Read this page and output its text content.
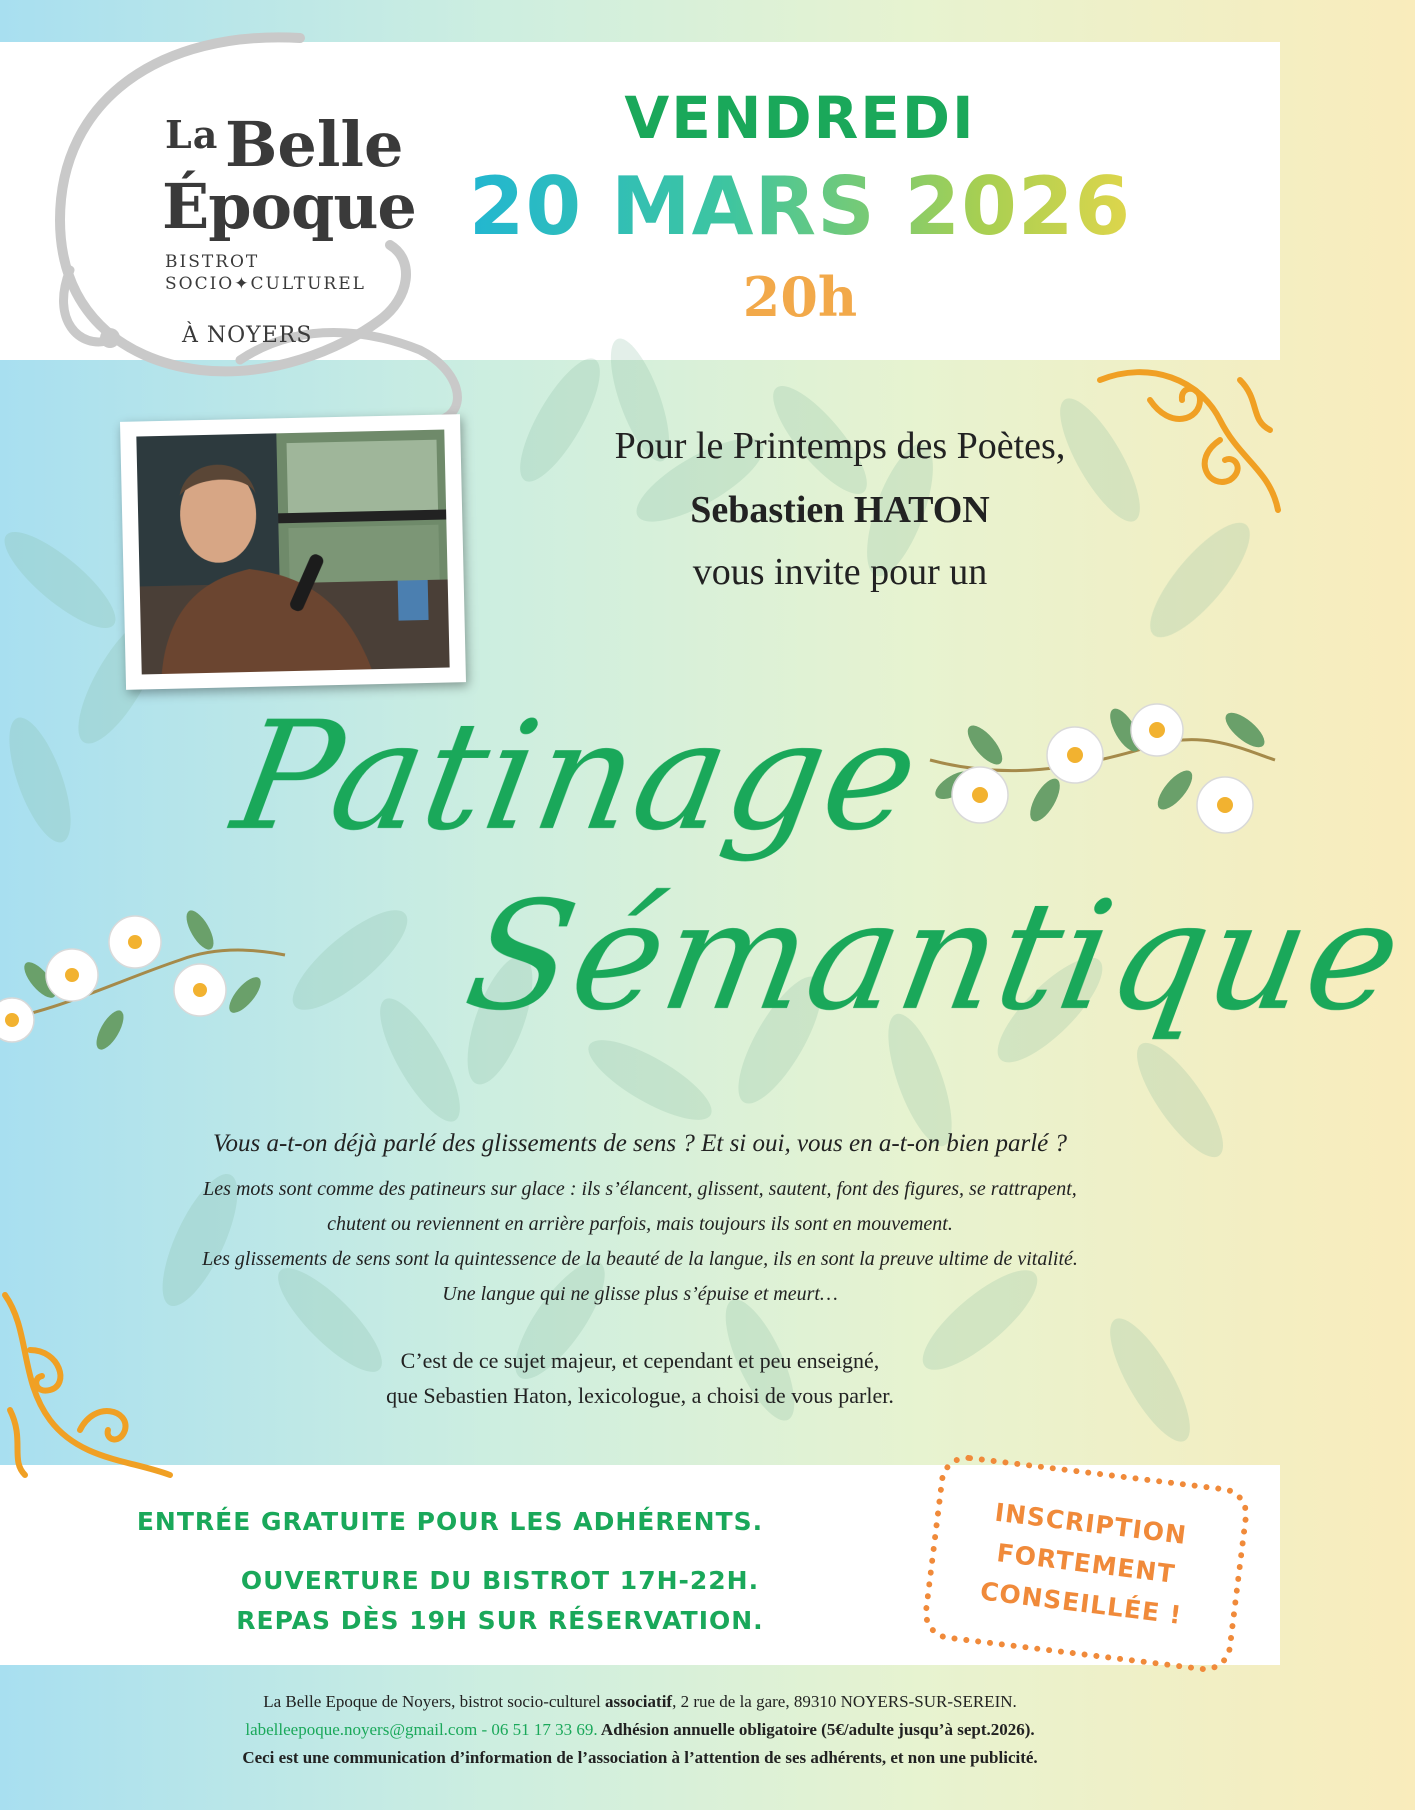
La Belle
Époque
BISTROT
SOCIO✦CULTUREL
À NOYERS
VENDREDI
20 MARS 2026
20h
Pour le Printemps des Poètes,
Sebastien HATON
vous invite pour un
Patinage
Sémantique
Vous a-t-on déjà parlé des glissements de sens ? Et si oui, vous en a-t-on bien parlé ?
Les mots sont comme des patineurs sur glace : ils s’élancent, glissent, sautent, font des figures, se rattrapent,
chutent ou reviennent en arrière parfois, mais toujours ils sont en mouvement.
Les glissements de sens sont la quintessence de la beauté de la langue, ils en sont la preuve ultime de vitalité.
Une langue qui ne glisse plus s’épuise et meurt…
C’est de ce sujet majeur, et cependant et peu enseigné,
que Sebastien Haton, lexicologue, a choisi de vous parler.
ENTRÉE GRATUITE POUR LES ADHÉRENTS.
OUVERTURE DU BISTROT 17H-22H.
REPAS DÈS 19H SUR RÉSERVATION.
INSCRIPTION
FORTEMENT
CONSEILLÉE !
La Belle Epoque de Noyers, bistrot socio-culturel associatif, 2 rue de la gare, 89310 NOYERS-SUR-SEREIN.
labelleepoque.noyers@gmail.com - 06 51 17 33 69. Adhésion annuelle obligatoire (5€/adulte jusqu’à sept.2026).
Ceci est une communication d’information de l’association à l’attention de ses adhérents, et non une publicité.
